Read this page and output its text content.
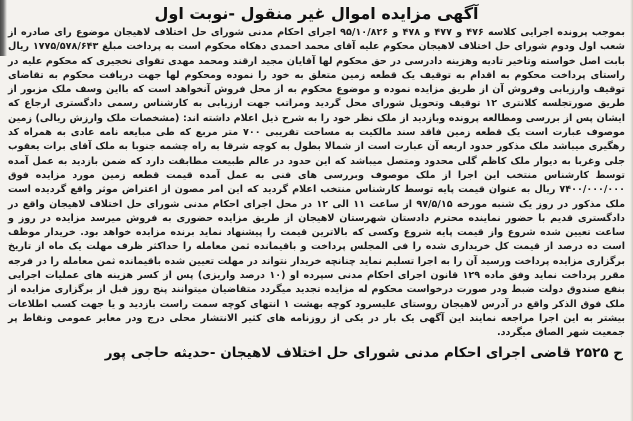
آگهی مزایده اموال غیر منقول -نوبت اول

بموجب پرونده اجرایی کلاسه ۴۷۶ و ۴۷۷ و ۴۷۸ و ۹۵/۱۰/۸۲۶ اجرای احکام مدنی شورای حل اختلاف لاهیجان موضوع رای صادره از شعب اول ودوم شورای حل اختلاف لاهیجان محکوم علیه آقای محمد احمدی دهکاه محکوم است به پرداخت مبلغ ۱۷۷۵/۵۷۸/۶۴۳ ریال بابت اصل خواسته وتاخیر تادیه وهزینه دادرسی در حق محکوم لها آقایان مجید ارقند ومحمد مهدی تقوای نخجیری که محکوم علیه در راستای پرداخت محکوم به اقدام به توقیف یک قطعه زمین متعلق به خود را نموده ومحکوم لها جهت دریافت محکوم به تقاضای توقیف وارزیابی وفروش آن از طریق مزایده نموده و موضوع محکوم به از محل فروش آنخواهد است که بااین وسف ملک مزبور از طریق صورتجلسه کلانتری ۱۲ توقیف وتحویل شورای محل گردید ومراتب جهت ارزیابی به کارشناس رسمی دادگستری ارجاع که ایشان پس از بررسی ومطالعه پرونده وبازدید از ملک نظر خود را به شرح ذیل اعلام داشته اند: (مشخصات ملک وارزش ریالی) زمین موصوف عبارت است یک قطعه زمین فاقد سند مالکیت به مساحت تقریبی ۷۰۰ متر مربع که طی مبایعه نامه عادی به همراه کد رهگیری میباشد ملک مذکور حدود اربعه آن عبارت است از شمالا بطول به کوچه شرقا به راه چشمه جنوبا به ملک آقای برات یعقوب جلی وغربا به دیوار ملک کاظم گلی محدود ومتصل میباشد که این حدود در عالم طبیعت مطابقت دارد که ضمن بازدید به عمل آمده توسط کارشناس منتخب این اجرا از ملک موصوف وبررسی های فنی به عمل آمده قیمت قطعه زمین مورد مزایده فوق ۷۴۰۰/۰۰۰/۰۰۰ ریال به عنوان قیمت پایه توسط کارشناس منتخب اعلام گردید که این امر مصون از اعتراض موثر واقع گردیده است ملک مذکور در روز یک شنبه مورخه ۹۷/۵/۱۵ از ساعت ۱۱ الی ۱۲ در محل اجرای احکام مدنی شورای حل اختلاف لاهیجان واقع در دادگستری قدیم با حضور نماینده محترم دادستان شهرستان لاهیجان از طریق مزایده حضوری به فروش میرسد مزایده در روز و ساعت تعیین شده شروع واز قیمت پایه شروع وکسی که بالاترین قیمت را پیشنهاد نماید برنده مزایده خواهد بود. خریدار موظف است ده درصد از قیمت کل خریداری شده را فی المجلس پرداخت و باقیمانده ثمن معامله را حداکثر ظرف مهلت یک ماه از تاریخ برگزاری مزایده پرداخت ورسید آن را به اجرا تسلیم نماید چنانچه خریدار نتواند در مهلت تعیین شده باقیمانده ثمن معامله را در فرجه مقرر پرداخت نماید وفق ماده ۱۲۹ قانون اجرای احکام مدنی سپرده او (۱۰ درصد واریزی) پس از کسر هزینه های عملیات اجرایی بنفع صندوق دولت ضبط ودر صورت درخواست محکوم له مزایده تجدید میگردد متقاضیان میتوانند پنج روز قبل از برگزاری مزایده از ملک فوق الذکر واقع در آدرس لاهیجان روستای علیسرود کوچه بهشت ۱ انتهای کوچه سمت راست بازدید و یا جهت کسب اطلاعات بیشتر به این اجرا مراجعه نمایند این آگهی یک بار در یکی از روزنامه های کثیر الانتشار محلی درج ودر معابر عمومی ونقاط پر جمعیت شهر الصاق میگردد.

ح ۲۵۲۵ قاضی اجرای احکام مدنی شورای حل اختلاف لاهیجان -حدیثه حاجی پور
